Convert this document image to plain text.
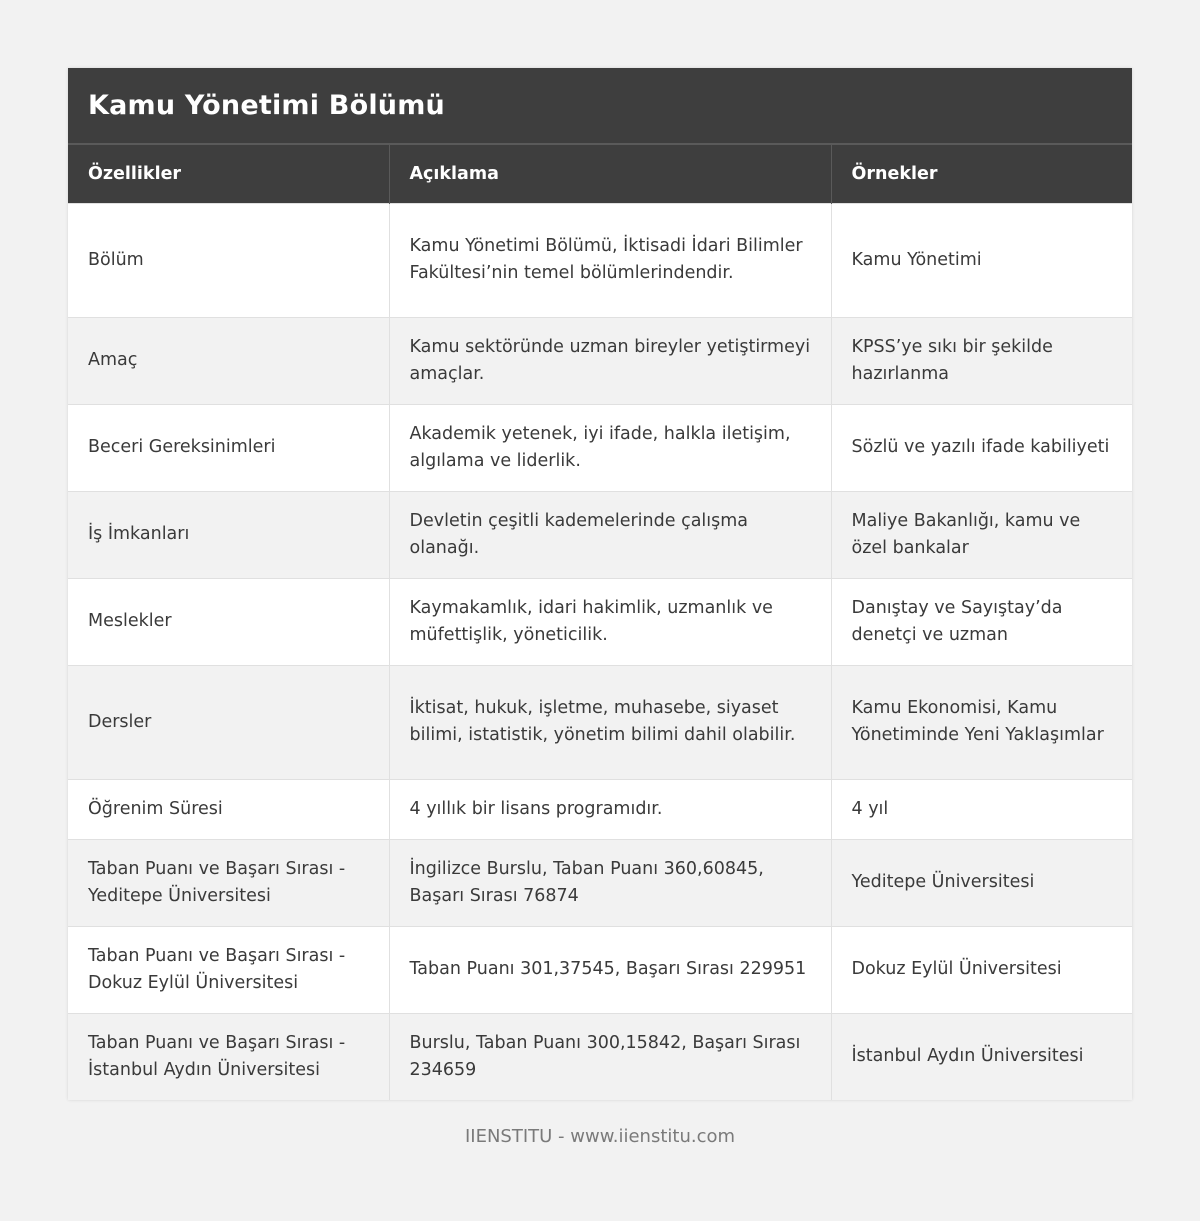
Kamu Yönetimi Bölümü
Özellikler	Açıklama	Örnekler
Bölüm	Kamu Yönetimi Bölümü, İktisadi İdari Bilimler Fakültesi’nin temel bölümlerindendir.	Kamu Yönetimi
Amaç	Kamu sektöründe uzman bireyler yetiştirmeyi amaçlar.	KPSS’ye sıkı bir şekilde hazırlanma
Beceri Gereksinimleri	Akademik yetenek, iyi ifade, halkla iletişim, algılama ve liderlik.	Sözlü ve yazılı ifade kabiliyeti
İş İmkanları	Devletin çeşitli kademelerinde çalışma olanağı.	Maliye Bakanlığı, kamu ve özel bankalar
Meslekler	Kaymakamlık, idari hakimlik, uzmanlık ve müfettişlik, yöneticilik.	Danıştay ve Sayıştay’da denetçi ve uzman
Dersler	İktisat, hukuk, işletme, muhasebe, siyaset bilimi, istatistik, yönetim bilimi dahil olabilir.	Kamu Ekonomisi, Kamu Yönetiminde Yeni Yaklaşımlar
Öğrenim Süresi	4 yıllık bir lisans programıdır.	4 yıl
Taban Puanı ve Başarı Sırası - Yeditepe Üniversitesi	İngilizce Burslu, Taban Puanı 360,60845, Başarı Sırası 76874	Yeditepe Üniversitesi
Taban Puanı ve Başarı Sırası - Dokuz Eylül Üniversitesi	Taban Puanı 301,37545, Başarı Sırası 229951	Dokuz Eylül Üniversitesi
Taban Puanı ve Başarı Sırası - İstanbul Aydın Üniversitesi	Burslu, Taban Puanı 300,15842, Başarı Sırası 234659	İstanbul Aydın Üniversitesi
IIENSTITU - www.iienstitu.com
